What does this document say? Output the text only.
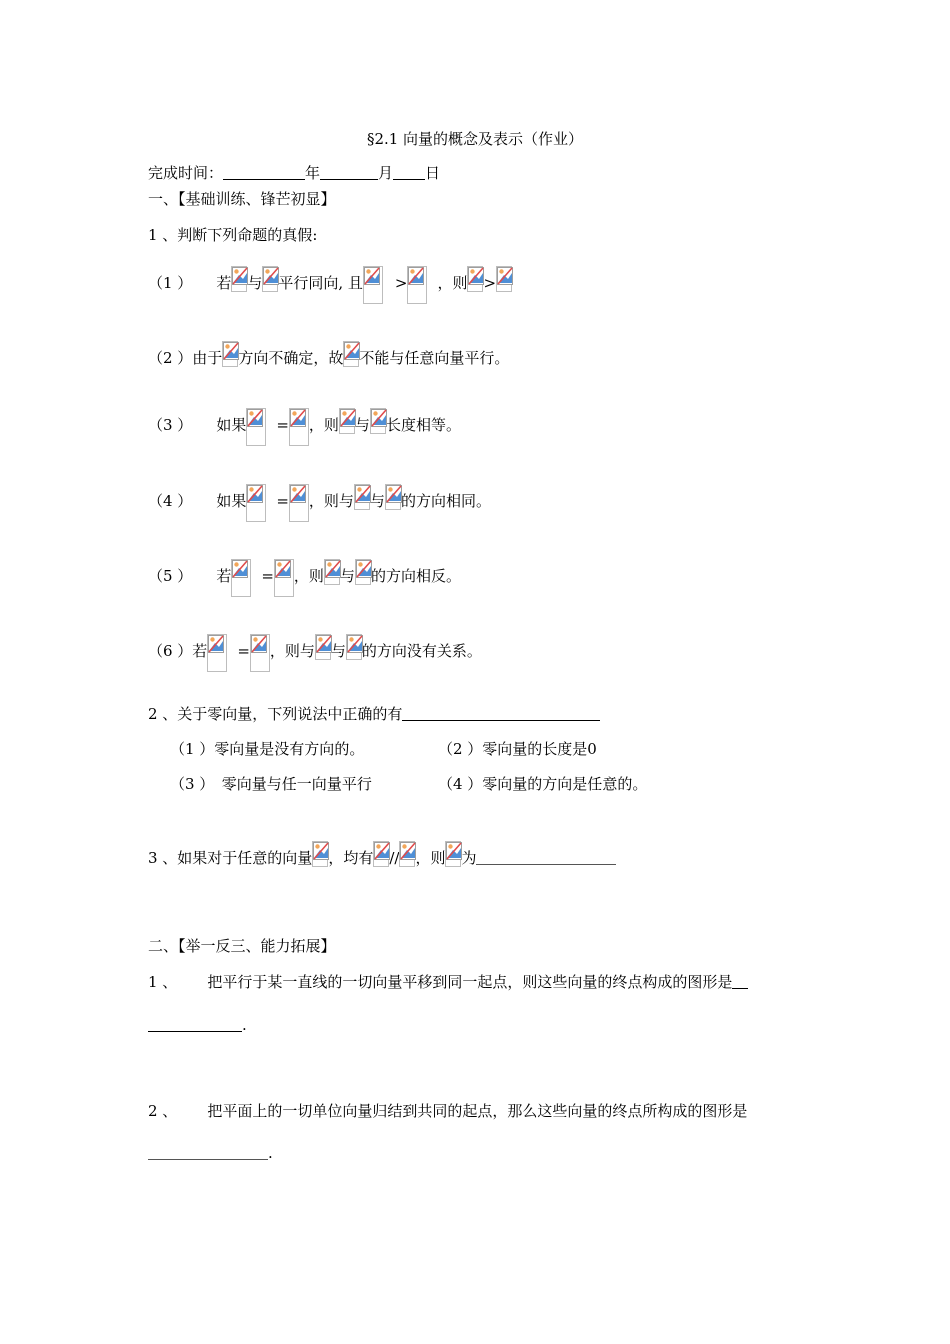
§2.1 向量的概念及表示（作业）
完成时间：	年	月 日
一、【基础训练、锋芒初显】
1 、判断下列命题的真假:
（1 ） 若 与 平行同向, 且 > ，则 >
（2 ）由于 方向不确定，故 不能与任意向量平行。
（3 ） 如果 = ，则 与 长度相等。
（4 ） 如果 = ，则与 与 的方向相同。
（5 ） 若 = ，则 与 的方向相反。
（6 ）若 = ，则与 与 的方向没有关系。
2 、关于零向量，下列说法中正确的有
（1 ）零向量是没有方向的。	（2 ）零向量的长度是0
（3 ）　零向量与任一向量平行	（4 ）零向量的方向是任意的。
3 、如果对于任意的向量 ，均有 // ，则 为
二、【举一反三、能力拓展】
1 、 把平行于某一直线的一切向量平移到同一起点，则这些向量的终点构成的图形是
.
2 、 把平面上的一切单位向量归结到共同的起点，那么这些向量的终点所构成的图形是
.
